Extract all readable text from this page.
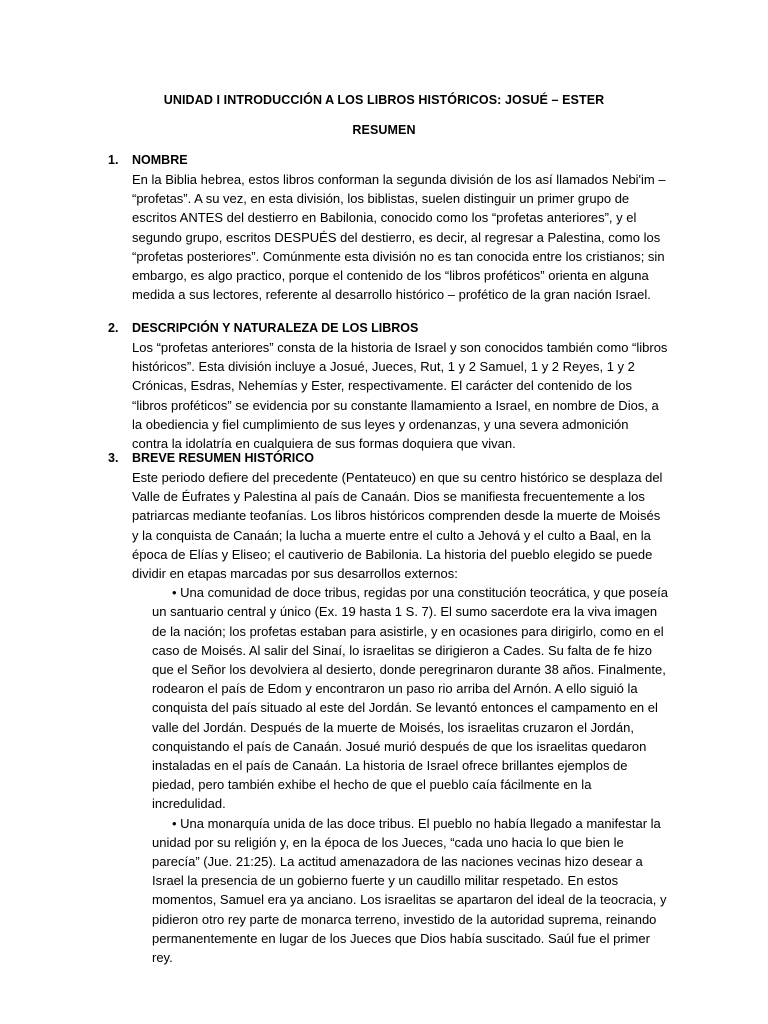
UNIDAD I INTRODUCCIÓN A LOS LIBROS HISTÓRICOS: JOSUÉ – ESTER
RESUMEN
1. NOMBRE
En la Biblia hebrea, estos libros conforman la segunda división de los así llamados Nebi'im – “profetas”. A su vez, en esta división, los biblistas, suelen distinguir un primer grupo de escritos ANTES del destierro en Babilonia, conocido como los “profetas anteriores”, y el segundo grupo, escritos DESPUÉS del destierro, es decir, al regresar a Palestina, como los “profetas posteriores”. Comúnmente esta división no es tan conocida entre los cristianos; sin embargo, es algo practico, porque el contenido de los “libros proféticos” orienta en alguna medida a sus lectores, referente al desarrollo histórico – profético de la gran nación Israel.
2. DESCRIPCIÓN Y NATURALEZA DE LOS LIBROS
Los “profetas anteriores” consta de la historia de Israel y son conocidos también como “libros históricos”. Esta división incluye a Josué, Jueces, Rut, 1 y 2 Samuel, 1 y 2 Reyes, 1 y 2 Crónicas, Esdras, Nehemías y Ester, respectivamente. El carácter del contenido de los “libros proféticos” se evidencia por su constante llamamiento a Israel, en nombre de Dios, a la obediencia y fiel cumplimiento de sus leyes y ordenanzas, y una severa admonición contra la idolatría en cualquiera de sus formas doquiera que vivan.
3. BREVE RESUMEN HISTÓRICO
Este periodo defiere del precedente (Pentateuco) en que su centro histórico se desplaza del Valle de Éufrates y Palestina al país de Canaán. Dios se manifiesta frecuentemente a los patriarcas mediante teofanías. Los libros históricos comprenden desde la muerte de Moisés y la conquista de Canaán; la lucha a muerte entre el culto a Jehová y el culto a Baal, en la época de Elías y Eliseo; el cautiverio de Babilonia. La historia del pueblo elegido se puede dividir en etapas marcadas por sus desarrollos externos:
• Una comunidad de doce tribus, regidas por una constitución teocrática, y que poseía un santuario central y único (Ex. 19 hasta 1 S. 7). El sumo sacerdote era la viva imagen de la nación; los profetas estaban para asistirle, y en ocasiones para dirigirlo, como en el caso de Moisés. Al salir del Sinaí, lo israelitas se dirigieron a Cades. Su falta de fe hizo que el Señor los devolviera al desierto, donde peregrinaron durante 38 años. Finalmente, rodearon el país de Edom y encontraron un paso rio arriba del Arnón. A ello siguió la conquista del país situado al este del Jordán. Se levantó entonces el campamento en el valle del Jordán. Después de la muerte de Moisés, los israelitas cruzaron el Jordán, conquistando el país de Canaán. Josué murió después de que los israelitas quedaron instaladas en el país de Canaán. La historia de Israel ofrece brillantes ejemplos de piedad, pero también exhibe el hecho de que el pueblo caía fácilmente en la incredulidad.
• Una monarquía unida de las doce tribus. El pueblo no había llegado a manifestar la unidad por su religión y, en la época de los Jueces, “cada uno hacia lo que bien le parecía” (Jue. 21:25). La actitud amenazadora de las naciones vecinas hizo desear a Israel la presencia de un gobierno fuerte y un caudillo militar respetado. En estos momentos, Samuel era ya anciano. Los israelitas se apartaron del ideal de la teocracia, y pidieron otro rey parte de monarca terreno, investido de la autoridad suprema, reinando permanentemente en lugar de los Jueces que Dios había suscitado. Saúl fue el primer rey.
